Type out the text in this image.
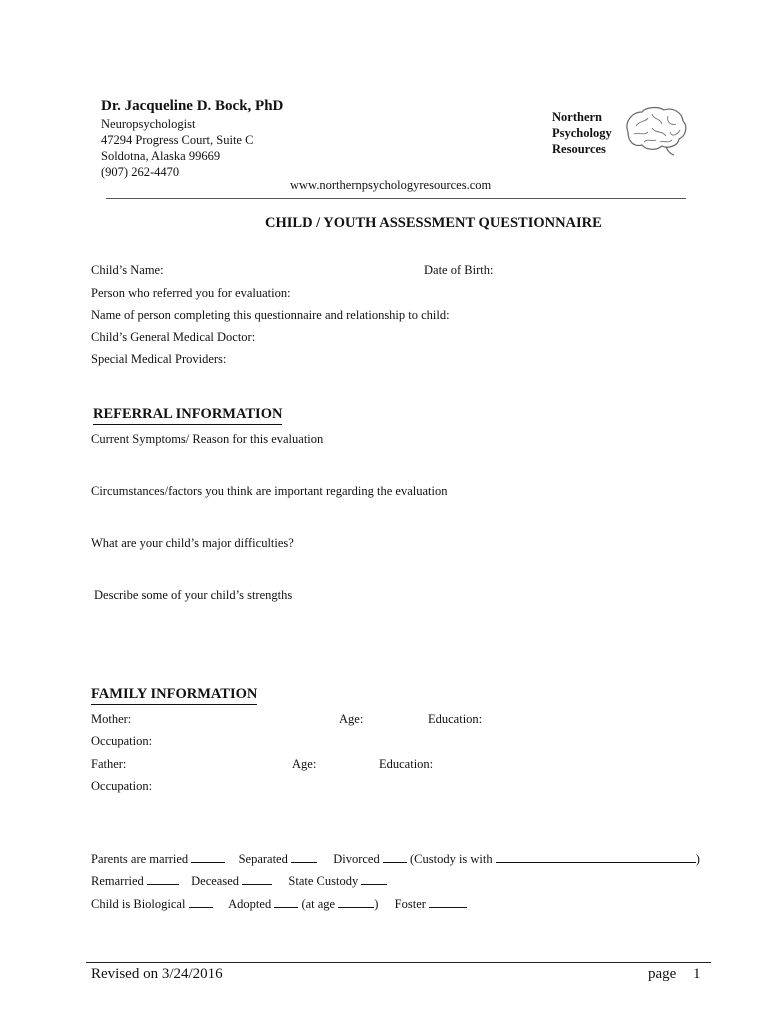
Dr. Jacqueline D. Bock, PhD
Neuropsychologist
47294 Progress Court, Suite C
Soldotna, Alaska 99669
(907) 262-4470
www.northernpsychologyresources.com
Northern
Psychology
Resources
CHILD / YOUTH ASSESSMENT QUESTIONNAIRE
Child’s Name:	Date of Birth:
Person who referred you for evaluation:
Name of person completing this questionnaire and relationship to child:
Child’s General Medical Doctor:
Special Medical Providers:
REFERRAL INFORMATION
Current Symptoms/ Reason for this evaluation
Circumstances/factors you think are important regarding the evaluation
What are your child’s major difficulties?
Describe some of your child’s strengths
FAMILY INFORMATION
Mother:	Age:	Education:
Occupation:
Father:	Age:	Education:
Occupation:
Parents are married	Separated	Divorced (Custody is with	)
Remarried	Deceased	State Custody
Child is Biological	Adopted (at age	) Foster
Revised on 3/24/2016	page 1
